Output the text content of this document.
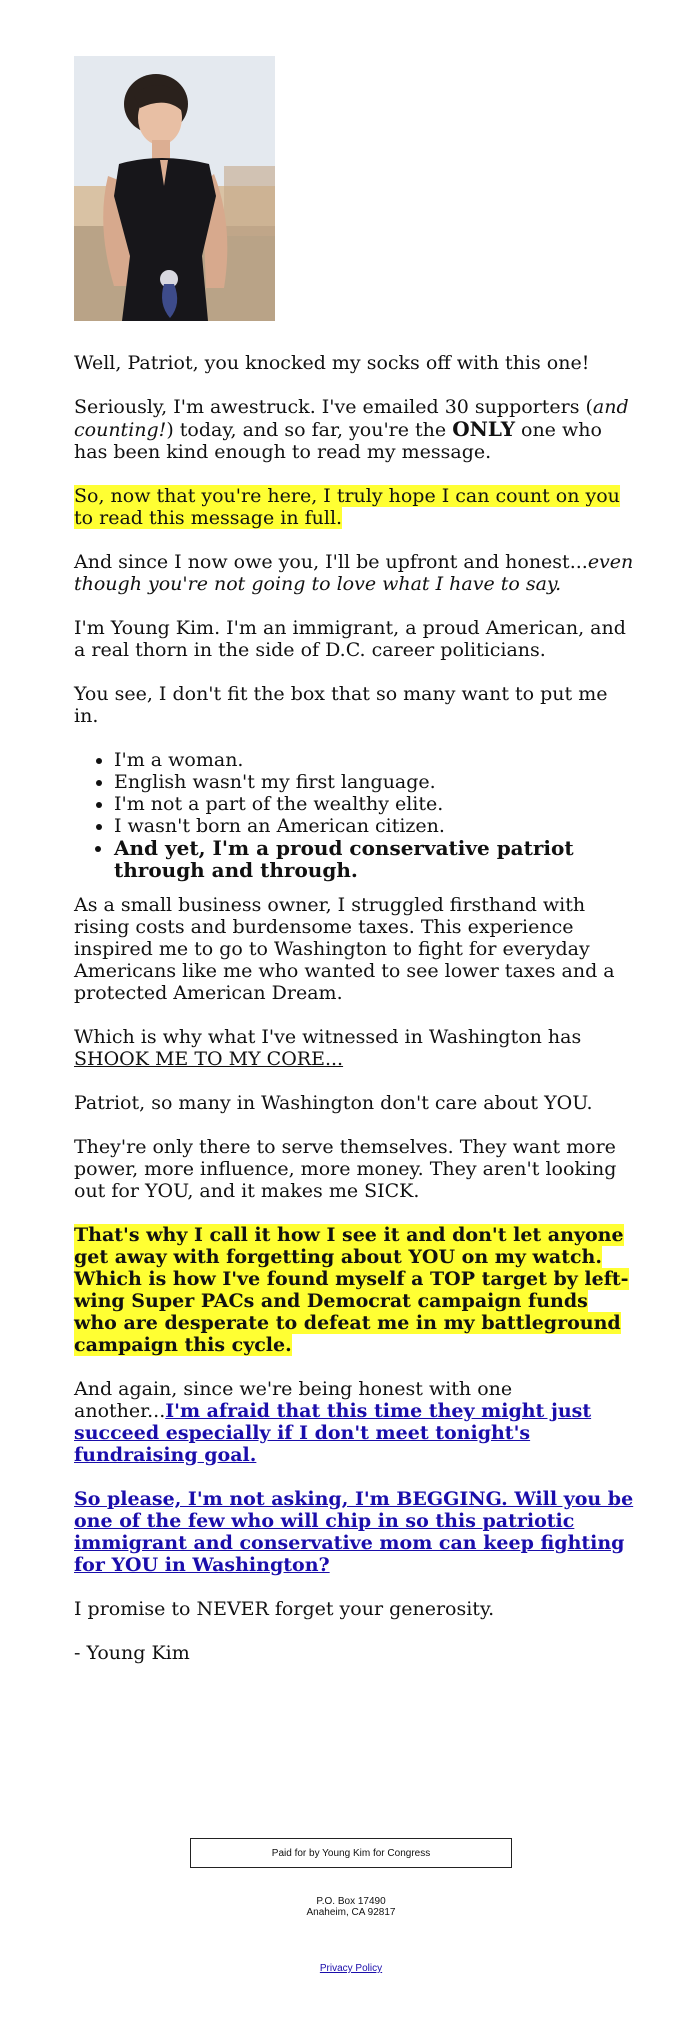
Well, Patriot, you knocked my socks off with this one!

Seriously, I'm awestruck. I've emailed 30 supporters (and counting!) today, and so far, you're the ONLY one who has been kind enough to read my message.

So, now that you're here, I truly hope I can count on you to read this message in full.

And since I now owe you, I'll be upfront and honest...even though you're not going to love what I have to say.

I'm Young Kim. I'm an immigrant, a proud American, and a real thorn in the side of D.C. career politicians.

You see, I don't fit the box that so many want to put me in.

• I'm a woman.
• English wasn't my first language.
• I'm not a part of the wealthy elite.
• I wasn't born an American citizen.
• And yet, I'm a proud conservative patriot through and through.

As a small business owner, I struggled firsthand with rising costs and burdensome taxes. This experience inspired me to go to Washington to fight for everyday Americans like me who wanted to see lower taxes and a protected American Dream.

Which is why what I've witnessed in Washington has SHOOK ME TO MY CORE...

Patriot, so many in Washington don't care about YOU.

They're only there to serve themselves. They want more power, more influence, more money. They aren't looking out for YOU, and it makes me SICK.

That's why I call it how I see it and don't let anyone get away with forgetting about YOU on my watch. Which is how I've found myself a TOP target by left-wing Super PACs and Democrat campaign funds who are desperate to defeat me in my battleground campaign this cycle.

And again, since we're being honest with one another...I'm afraid that this time they might just succeed especially if I don't meet tonight's fundraising goal.

So please, I'm not asking, I'm BEGGING. Will you be one of the few who will chip in so this patriotic immigrant and conservative mom can keep fighting for YOU in Washington?

I promise to NEVER forget your generosity.

- Young Kim

Paid for by Young Kim for Congress
P.O. Box 17490
Anaheim, CA 92817
Privacy Policy
